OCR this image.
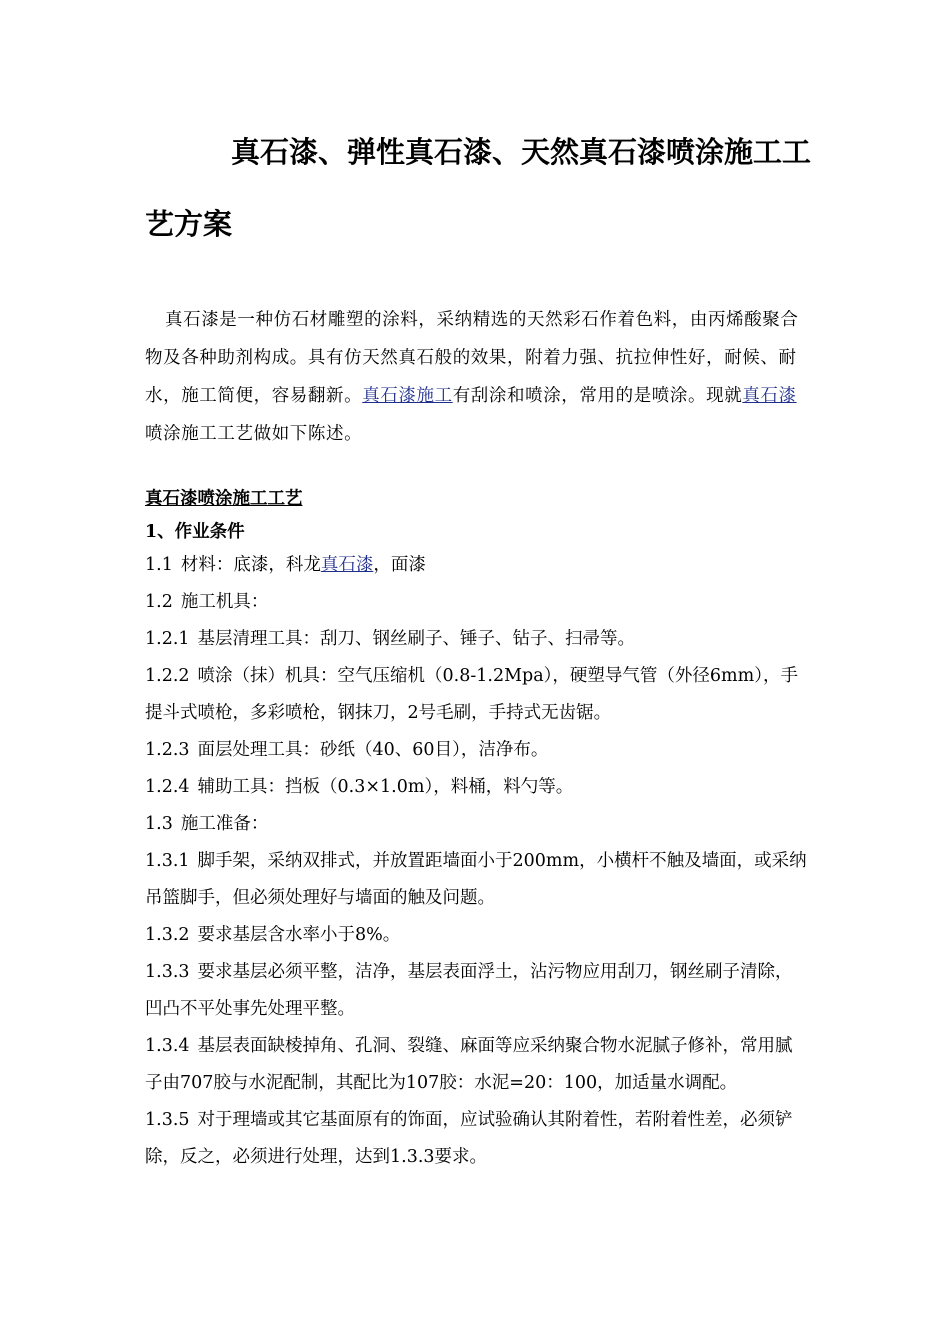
真石漆、弹性真石漆、天然真石漆喷涂施工工
艺方案

真石漆是一种仿石材雕塑的涂料，采纳精选的天然彩石作着色料，由丙烯酸聚合物及各种助剂构成。具有仿天然真石般的效果，附着力强、抗拉伸性好，耐候、耐水，施工简便，容易翻新。真石漆施工有刮涂和喷涂，常用的是喷涂。现就真石漆喷涂施工工艺做如下陈述。

真石漆喷涂施工工艺

1、作业条件

1.1 材料：底漆，科龙真石漆，面漆

1.2 施工机具：

1.2.1 基层清理工具：刮刀、钢丝刷子、锤子、钻子、扫帚等。

1.2.2 喷涂（抹）机具：空气压缩机（0.8-1.2Mpa），硬塑导气管（外径6mm），手提斗式喷枪，多彩喷枪，钢抹刀，2号毛刷，手持式无齿锯。

1.2.3 面层处理工具：砂纸（40、60目），洁净布。

1.2.4 辅助工具：挡板（0.3×1.0m），料桶，料勺等。

1.3 施工准备：

1.3.1 脚手架，采纳双排式，并放置距墙面小于200mm，小横杆不触及墙面，或采纳吊篮脚手，但必须处理好与墙面的触及问题。

1.3.2 要求基层含水率小于8%。

1.3.3 要求基层必须平整，洁净，基层表面浮土，沾污物应用刮刀，钢丝刷子清除，凹凸不平处事先处理平整。

1.3.4 基层表面缺棱掉角、孔洞、裂缝、麻面等应采纳聚合物水泥腻子修补，常用腻子由707胶与水泥配制，其配比为107胶：水泥=20：100，加适量水调配。

1.3.5 对于理墙或其它基面原有的饰面，应试验确认其附着性，若附着性差，必须铲除，反之，必须进行处理，达到1.3.3要求。
